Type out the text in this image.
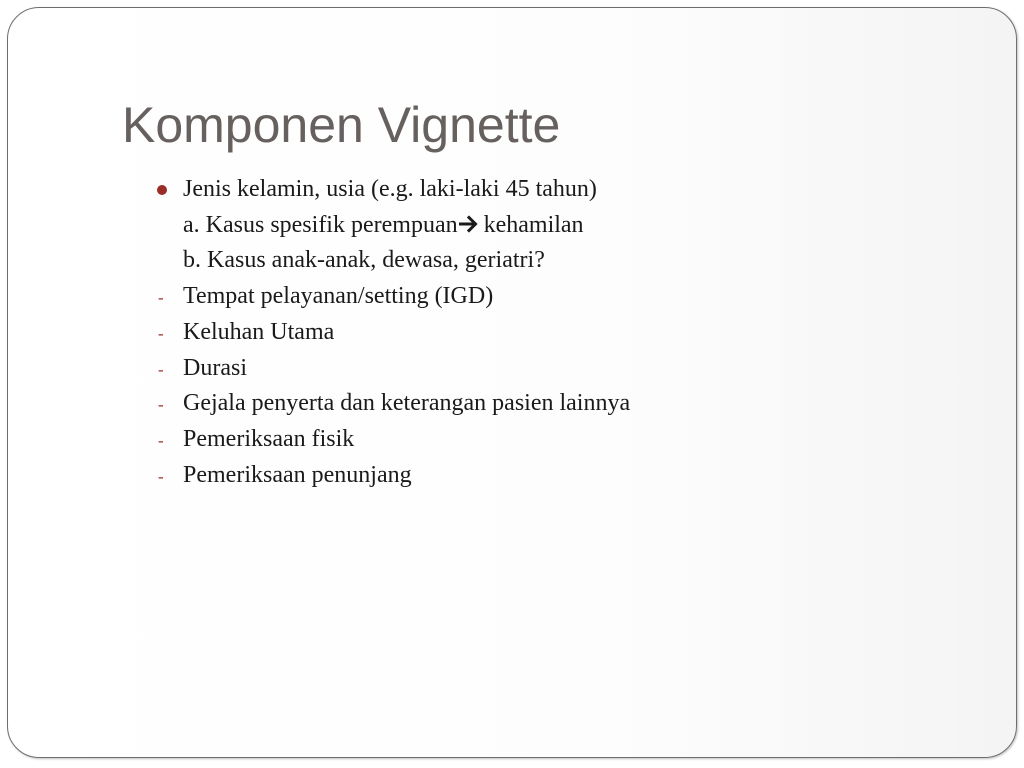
Komponen Vignette
Jenis kelamin, usia (e.g. laki-laki 45 tahun)
a. Kasus spesifik perempuan kehamilan
b. Kasus anak-anak, dewasa, geriatri?
- Tempat pelayanan/setting (IGD)
- Keluhan Utama
- Durasi
- Gejala penyerta dan keterangan pasien lainnya
- Pemeriksaan fisik
- Pemeriksaan penunjang
